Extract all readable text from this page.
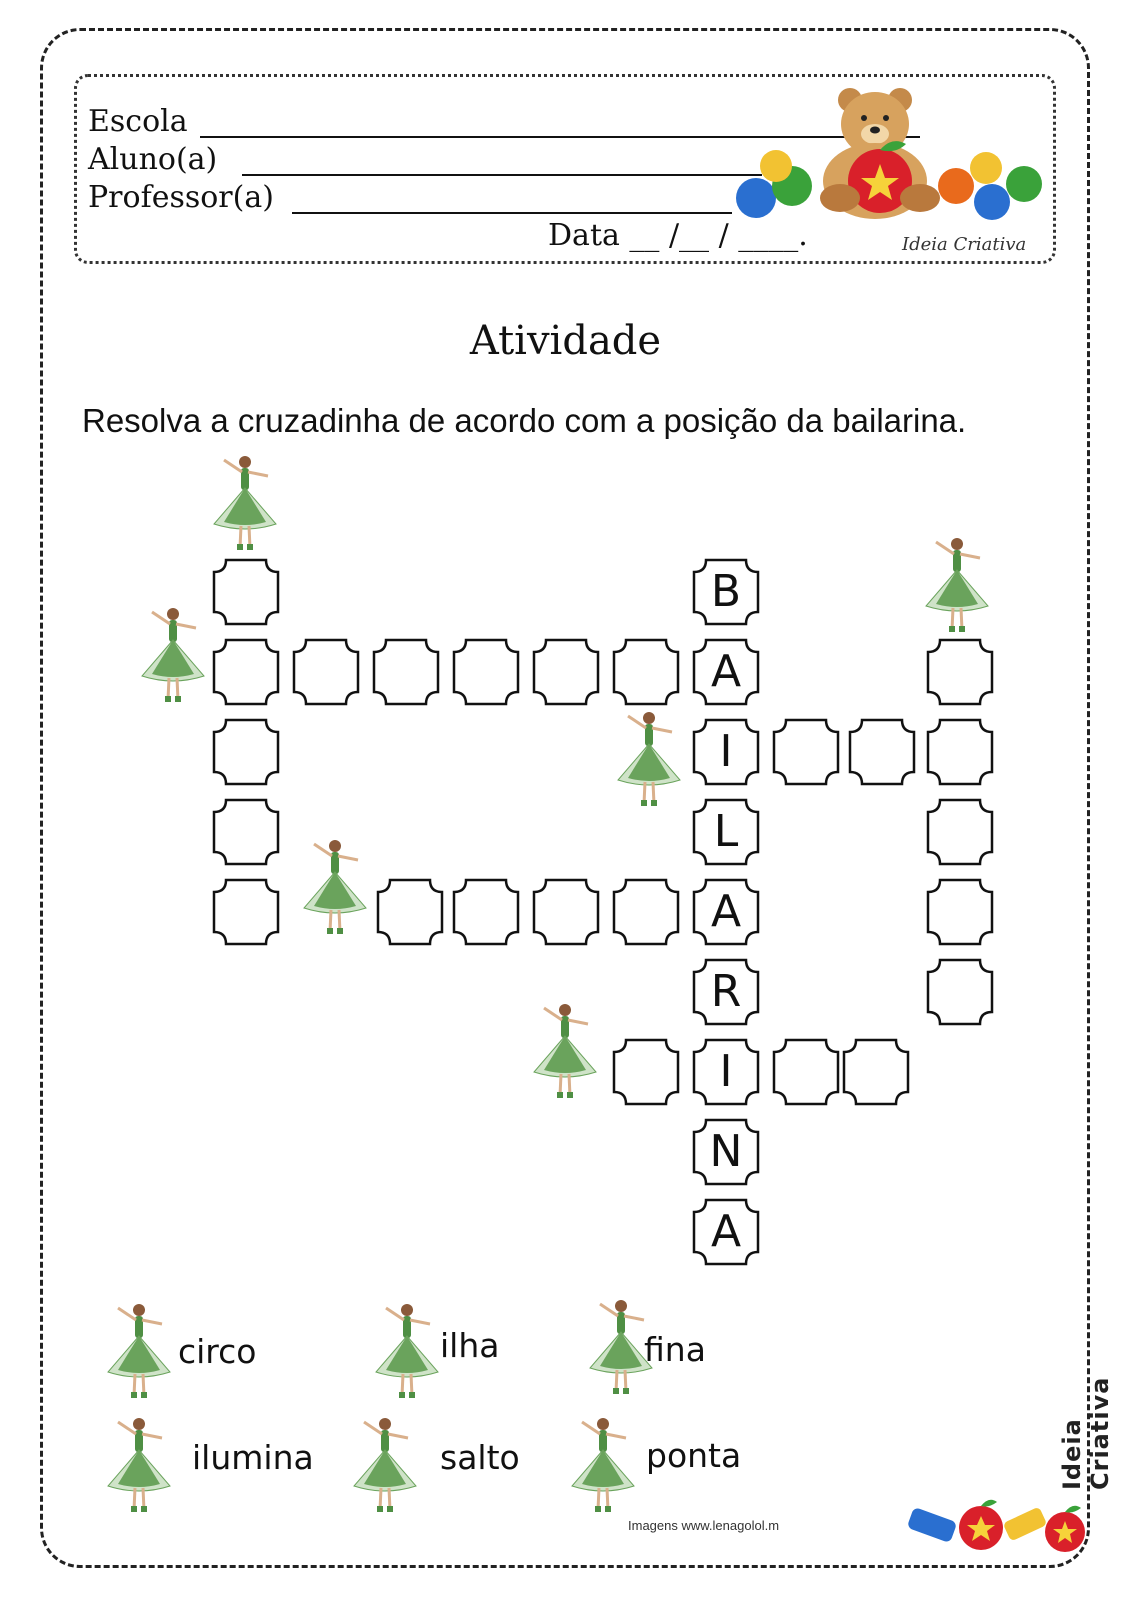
Escola
Aluno(a)
Professor(a)
Data __ /__ / ____.	Ideia Criativa
Atividade
Resolva a cruzadinha de acordo com a posição da bailarina.
B
A
I
L
A
R
I
N
A
circo	ilha	fina
ilumina	salto	ponta
Imagens www.lenagolol.m
Ideia Criativa
